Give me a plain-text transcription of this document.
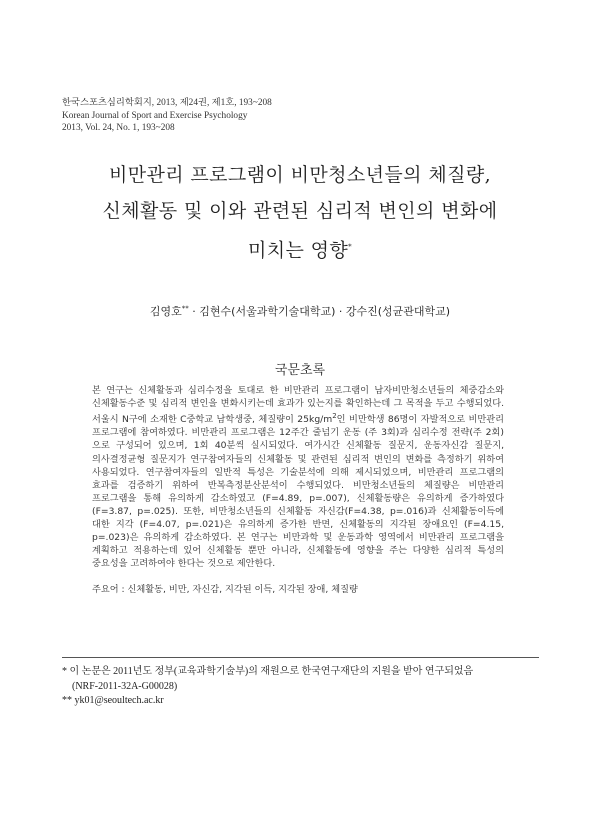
한국스포츠심리학회지, 2013, 제24권, 제1호, 193~208
Korean Journal of Sport and Exercise Psychology
2013, Vol. 24, No. 1, 193~208
비만관리 프로그램이 비만청소년들의 체질량,
신체활동 및 이와 관련된 심리적 변인의 변화에
미치는 영향*
김영호** · 김현수(서울과학기술대학교) · 강수진(성균관대학교)
국문초록
본 연구는 신체활동과 심리수정을 토대로 한 비만관리 프로그램이 남자비만청소년들의 체중감소와 신체활동수준 및 심리적 변인을 변화시키는데 효과가 있는지를 확인하는데 그 목적을 두고 수행되었다. 서울시 N구에 소재한 C중학교 남학생중, 체질량이 $25kg/m^2$인 비만학생 86명이 자발적으로 비만관리 프로그램에 참여하였다. 비만관리 프로그램은 12주간 줄넘기 운동 (주 3회)과 심리수정 전략(주 2회)으로 구성되어 있으며, 1회 40분씩 실시되었다. 여가시간 신체활동 질문지, 운동자신감 질문지, 의사결정균형 질문지가 연구참여자들의 신체활동 및 관련된 심리적 변인의 변화를 측정하기 위하여 사용되었다. 연구참여자들의 일반적 특성은 기술분석에 의해 제시되었으며, 비만관리 프로그램의 효과를 검증하기 위하여 반복측정분산분석이 수행되었다. 비만청소년들의 체질량은 비만관리 프로그램을 통해 유의하게 감소하였고 (F=4.89, p=.007), 신체활동량은 유의하게 증가하였다 (F=3.87, p=.025). 또한, 비만청소년들의 신체활동 자신감(F=4.38, p=.016)과 신체활동이득에 대한 지각 (F=4.07, p=.021)은 유의하게 증가한 반면, 신체활동의 지각된 장애요인 (F=4.15, p=.023)은 유의하게 감소하였다. 본 연구는 비만과학 및 운동과학 영역에서 비만관리 프로그램을 계획하고 적용하는데 있어 신체활동 뿐만 아니라, 신체활동에 영향을 주는 다양한 심리적 특성의 중요성을 고려하여야 한다는 것으로 제안한다.
주요어 : 신체활동, 비만, 자신감, 지각된 이득, 지각된 장애, 체질량
* 이 논문은 2011년도 정부(교육과학기술부)의 재원으로 한국연구재단의 지원을 받아 연구되었음
(NRF-2011-32A-G00028)
** yk01@seoultech.ac.kr
